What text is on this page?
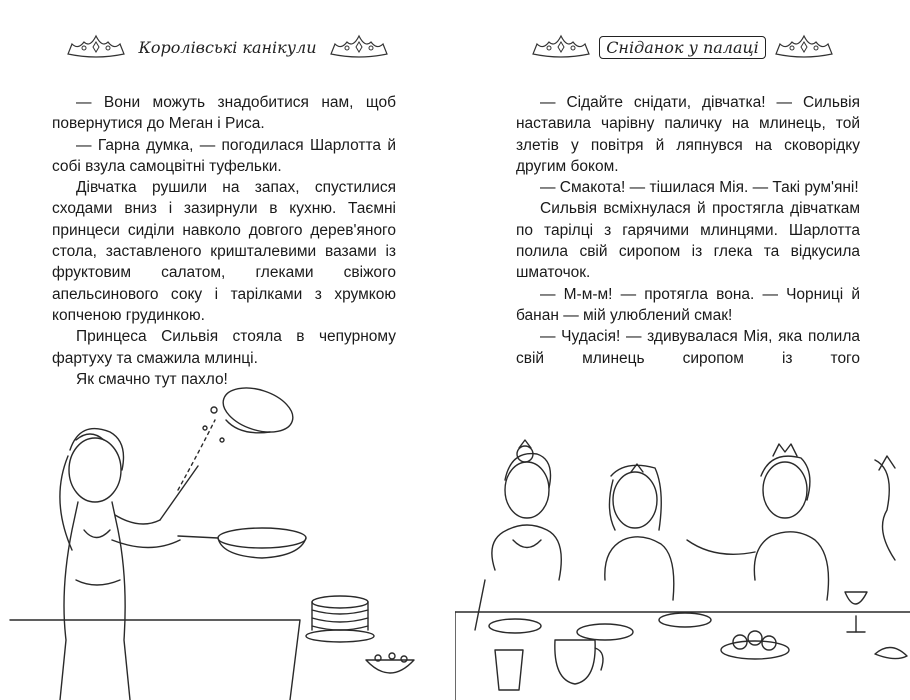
Королівські канікули

— Вони можуть знадобитися нам, щоб повернутися до Меган і Риса.

— Гарна думка, — погодилася Шарлотта й собі взула самоцвітні туфельки.

Дівчатка рушили на запах, спустилися сходами вниз і зазирнули в кухню. Таємні принцеси сиділи навколо довгого дерев'яного стола, заставленого кришталевими вазами із фруктовим салатом, глеками свіжого апельсинового соку і тарілками з хрумкою копченою грудинкою.

Принцеса Сильвія стояла в чепурному фартуху та смажила млинці.

Як смачно тут пахло!

Сніданок у палаці

— Сідайте снідати, дівчатка! — Сильвія наставила чарівну паличку на млинець, той злетів у повітря й ляпнувся на сковорідку другим боком.

— Смакота! — тішилася Мія. — Такі рум'яні!

Сильвія всміхнулася й простягла дівчаткам по тарілці з гарячими млинцями. Шарлотта полила свій сиропом із глека та відкусила шматочок.

— М-м-м! — протягла вона. — Чорниці й банан — мій улюблений смак!

— Чудасія! — здивувалася Мія, яка полила свій млинець сиропом із того
